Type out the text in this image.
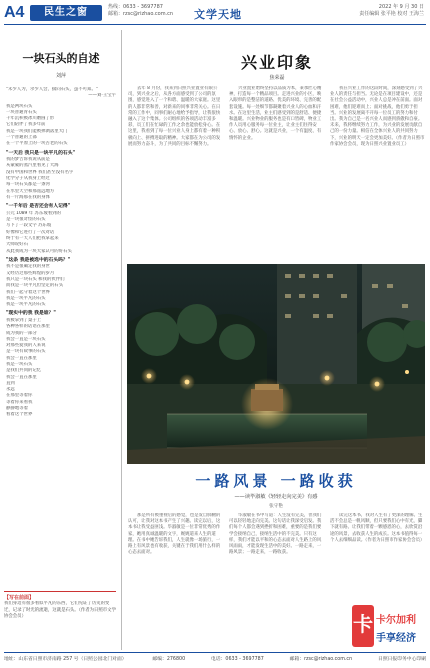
A4	民生之窗	热线：0633 - 3697787
邮箱：rzsc@rizhao.com.cn 文学天地
2022 年 9 月 30 日
责任编辑 张平艳 校对 王海兰
一块石头的自述
刘萍
"未少人为，尔少人会，揣向石头，虽不可知。"
——刘·王宝宇
我是两块石头
一块普通青石头
千年沉积被冰川磨圆了形
它们陪伴了我多年前
我是一块我们能被掉剥落里大门
一个普通的上部
在一个平原上的一块古老的石头
"一天后 我只是一块平凡的石头"
我的梦告诉我说从前是
灰蒙蒙的蒸汽里看见了大海
没有中国和世界 我们甚至没有名字
化学分子从我身上经过
每一块石头都是一条河
在水里天空和那遥远地方
有一片海那在我的身体
"一千年后 是否还会有人记得"
公元 1089 年 苏东坡看到的
是一块很奇怪的石头
写下了一段文字 苏东坡
好像和它进行了一次对话
终于有一天人们把我拿起来
大师说好石
从此我成为一块大家认可的好石头
"这条 我是被选中的石头吗？"
我不是很确定我的身世
又经历过那些辉煌的岁月
我只是一块石头 和我的伙伴们
而我是一块平凡但坚定的石头
我们一起守着这个世界
我是一块平凡的石头
我是一块平凡的石头
"现实中的我 我是谁？"
我被拿到了桌子上
各种各样的话语在那里
成为我的一部分
我会一直是一块石头
对那些爱我的人来说
是一块有故事的石头
我会一直在那里
我是一块石头
是我们共同的记忆
我会一直在那里
直到
永远
在那里等着你
等着你来看我
静静地等着
看着这个世界
【写在前面】
我们身边有很多看似平凡的东西，它们见证了历史的变迁，记录了时光的流逝，这就是石头。（作者为日照市文学协会会员）
兴业印象
焦荣磊

去年 8 月份，我来到日照兴业置业有限公司，到兴业之后，从各方面感受到了公司的氛围，感觉进入了一个和谐、温暖的大家庭。这里的人都非常和善，对新来的同事非常关心。在日常的工作中，同事们耐心地给予指导，让我很快融入了这个集体。公司组织的各项活动丰富多彩，员工们在忙碌的工作之余也能放松身心。在这里，我看到了每一位兴业人身上都有着一种积极向上、拼搏进取的精神。大家都在为公司的发展而努力奋斗，为了共同的目标不懈努力。

兴业置业始终坚持以品质为本，秉承匠心精神，打造每一个精品项目。走进兴业的小区，映入眼帘的是整洁的道路、优美的环境、完善的配套设施。每一处细节都凝聚着兴业人的心血和汗水。在这里生活，业主们感受到的是舒适、便捷和温暖。兴业物业的服务也是有口皆碑，物业工作人员用心服务每一位业主，让业主们住得安心、放心、舒心。这就是兴业，一个有温度、有情怀的企业。

我在兴业工作的这段时间，深刻感受到了兴业人的责任与担当。无论是在项目建设中，还是在社会公益活动中，兴业人总是冲在前面。面对困难，他们迎难而上；面对挑战，他们勇于担当。兴业的发展离不开每一位员工的努力和付出。我为自己是一名兴业人而感到骄傲和自豪。未来，我将继续努力工作，为兴业的发展贡献自己的一份力量。相信在全体兴业人的共同努力下，兴业的明天一定会更加美好。（作者为日照市作家协会会员，现为日照兴业置业员工）

一路风景 一路收获
——读毕淑敏《轻轻走向完美》有感
张守艳

那是所有被重视后的感觉，也是发自肺腑的认可，让我对这本书产生了兴趣。读完以后，这本书让我受益匪浅。毕淑敏是一位非常优秀的作家，她用真诚温暖的文字，娓娓道来人生的道理。在书中她告诉我们，人生就像一场旅行，一路上有风景也有收获，关键在于我们用什么样的心态去面对。

毕淑敏在书中写道：人生没有完美，但我们可以轻轻地走向完美。这句话让我深受启发。我们每个人都会遇到挫折和困难，重要的是我们要学会接纳自己，接纳生活中的不完美。只有这样，我们才能以平和的心态去面对人生路上的风风雨雨，才能发现生活中的美好。一路走来，一路风景；一路走来，一路收获。

读完这本书，我对人生有了更深的理解。生活不会总是一帆风顺，但只要我们心中有光，脚下就有路。让我们带着一颗感恩的心，去欣赏沿途的风景，去收获人生的成长。这本书值得每一个人去细细品读。（作者为日照市作家协会会员）

卡 卡尔加利
手享经济
地址：山东省日照市济南路 257 号（日照公园北门对面）	邮编：276800	电话：0633 - 3697787	邮箱：rzsc@rizhao.com.cn	日照日报印务中心印刷
